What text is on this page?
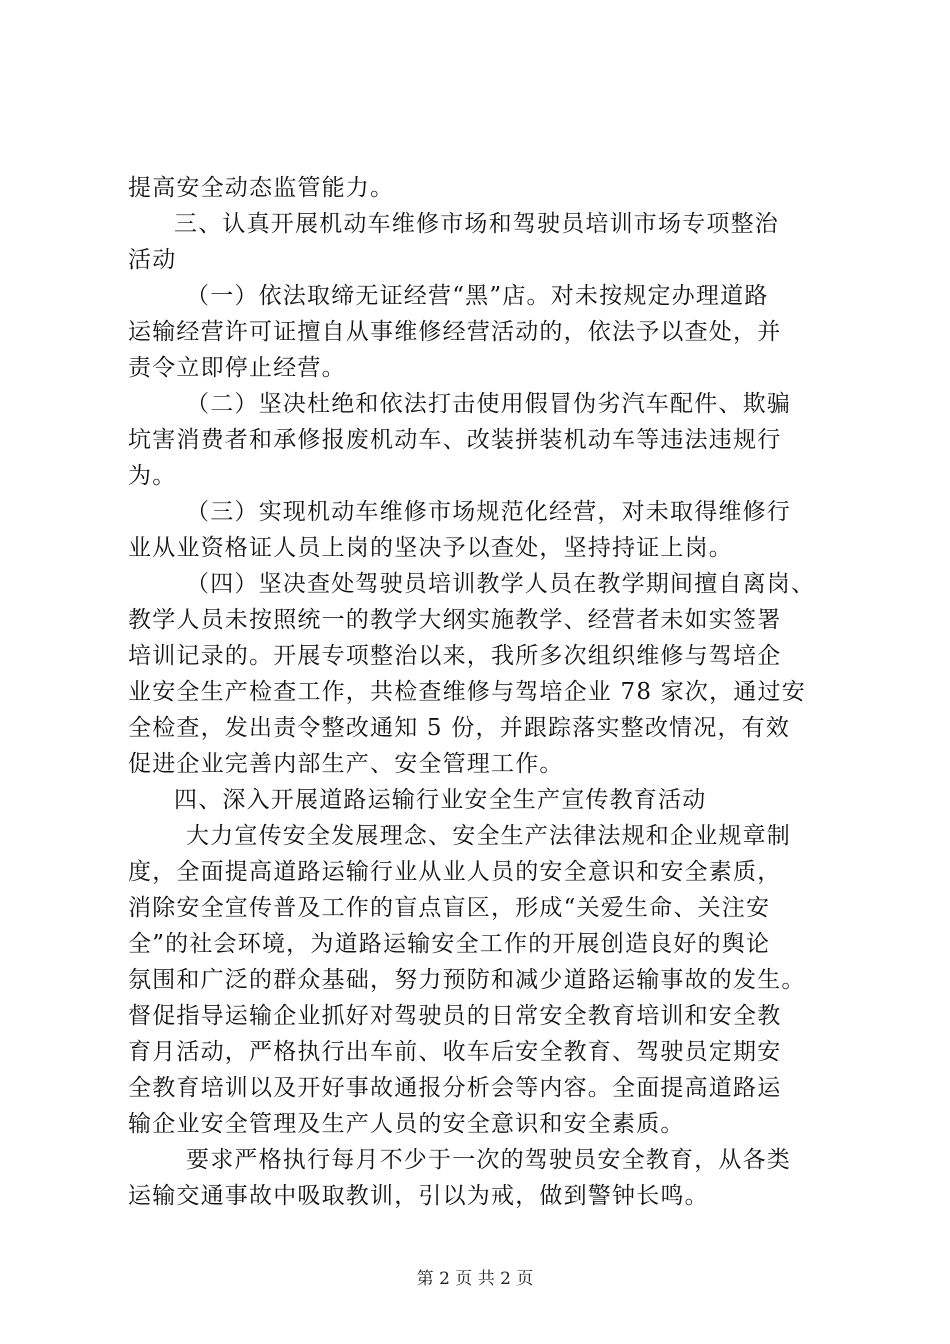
提高安全动态监管能力。
三、认真开展机动车维修市场和驾驶员培训市场专项整治
活动
（一）依法取缔无证经营“黑”店。对未按规定办理道路
运输经营许可证擅自从事维修经营活动的，依法予以查处，并
责令立即停止经营。
（二）坚决杜绝和依法打击使用假冒伪劣汽车配件、欺骗
坑害消费者和承修报废机动车、改装拼装机动车等违法违规行
为。
（三）实现机动车维修市场规范化经营，对未取得维修行
业从业资格证人员上岗的坚决予以查处，坚持持证上岗。
（四）坚决查处驾驶员培训教学人员在教学期间擅自离岗、
教学人员未按照统一的教学大纲实施教学、经营者未如实签署
培训记录的。开展专项整治以来，我所多次组织维修与驾培企
业安全生产检查工作，共检查维修与驾培企业 78 家次，通过安
全检查，发出责令整改通知 5 份，并跟踪落实整改情况，有效
促进企业完善内部生产、安全管理工作。
四、深入开展道路运输行业安全生产宣传教育活动
大力宣传安全发展理念、安全生产法律法规和企业规章制
度，全面提高道路运输行业从业人员的安全意识和安全素质，
消除安全宣传普及工作的盲点盲区，形成“关爱生命、关注安
全”的社会环境，为道路运输安全工作的开展创造良好的舆论
氛围和广泛的群众基础，努力预防和减少道路运输事故的发生。
督促指导运输企业抓好对驾驶员的日常安全教育培训和安全教
育月活动，严格执行出车前、收车后安全教育、驾驶员定期安
全教育培训以及开好事故通报分析会等内容。全面提高道路运
输企业安全管理及生产人员的安全意识和安全素质。
要求严格执行每月不少于一次的驾驶员安全教育，从各类
运输交通事故中吸取教训，引以为戒，做到警钟长鸣。
第 2 页 共 2 页
